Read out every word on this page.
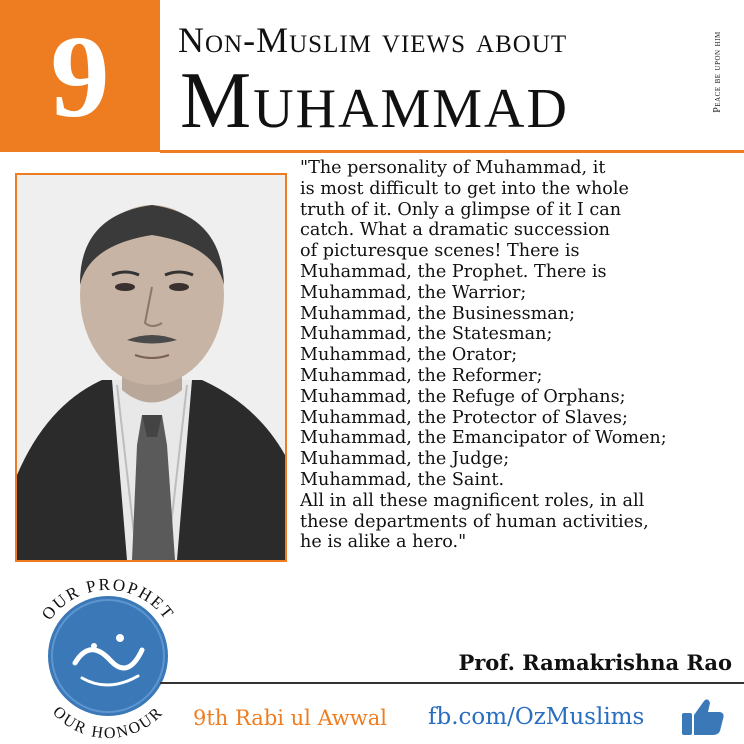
9	Non-Muslim views about
Muhammad	Peace be upon him
"The personality of Muhammad, it
is most difficult to get into the whole
truth of it. Only a glimpse of it I can
catch. What a dramatic succession
of picturesque scenes! There is
Muhammad, the Prophet. There is
Muhammad, the Warrior;
Muhammad, the Businessman;
Muhammad, the Statesman;
Muhammad, the Orator;
Muhammad, the Reformer;
Muhammad, the Refuge of Orphans;
Muhammad, the Protector of Slaves;
Muhammad, the Emancipator of Women;
Muhammad, the Judge;
Muhammad, the Saint.
All in all these magnificent roles, in all
these departments of human activities,
he is alike a hero."
Prof. Ramakrishna Rao
OUR PROPHET
OUR HONOUR 9th Rabi ul Awwal fb.com/OzMuslims
